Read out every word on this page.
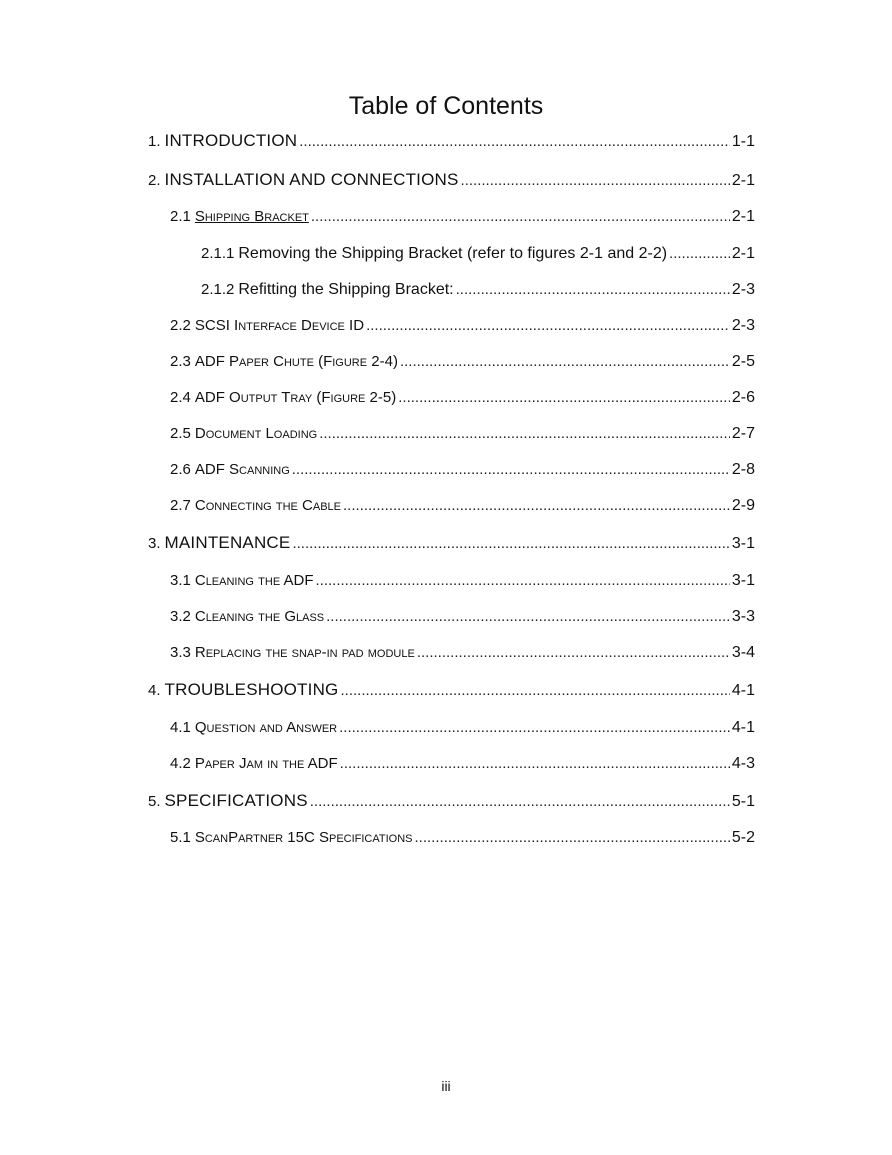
Table of Contents
1. INTRODUCTION .....	1-1
2. INSTALLATION AND CONNECTIONS .....	2-1
2.1 Shipping Bracket .....	2-1
2.1.1 Removing the Shipping Bracket (refer to figures 2-1 and 2-2) .....	2-1
2.1.2 Refitting the Shipping Bracket: .....	2-3
2.2 SCSI Interface Device ID .....	2-3
2.3 ADF Paper Chute (Figure 2-4) .....	2-5
2.4 ADF Output Tray (Figure 2-5) .....	2-6
2.5 Document Loading .....	2-7
2.6 ADF Scanning .....	2-8
2.7 Connecting the Cable .....	2-9
3. MAINTENANCE .....	3-1
3.1 Cleaning the ADF .....	3-1
3.2 Cleaning the Glass .....	3-3
3.3 Replacing the snap-in pad module .....	3-4
4. TROUBLESHOOTING .....	4-1
4.1 Question and Answer .....	4-1
4.2 Paper Jam in the ADF .....	4-3
5. SPECIFICATIONS .....	5-1
5.1 ScanPartner 15C Specifications .....	5-2
iii
